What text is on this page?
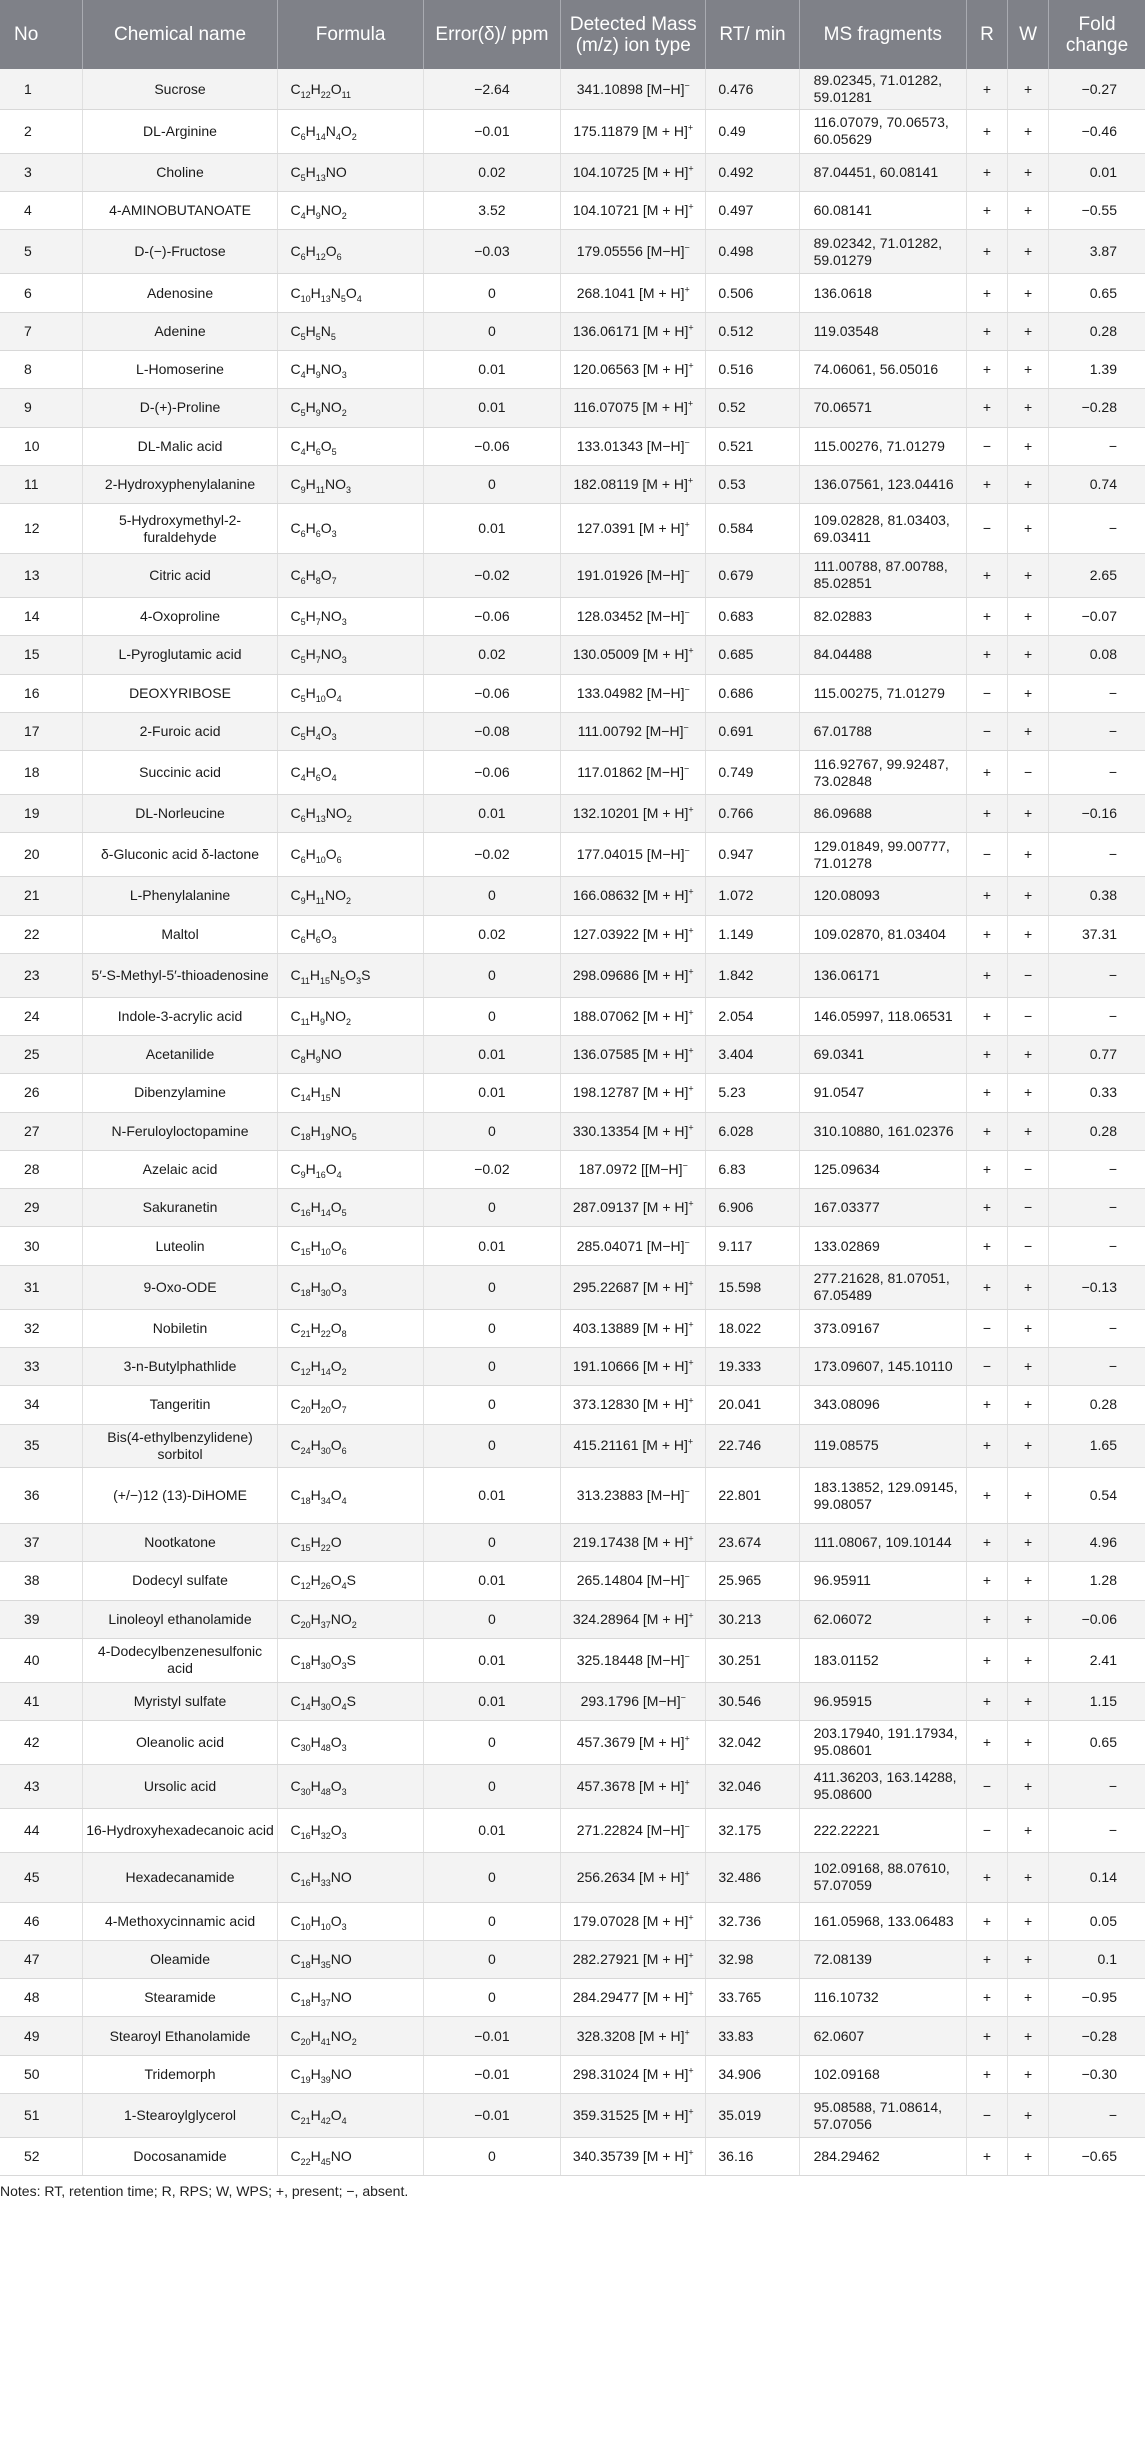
No	Chemical name	Formula	Error(δ)/ ppm	Detected Mass (m/z) ion type	RT/ min	MS fragments	R	W	Fold change
1	Sucrose	$C_{12}H_{22}O_{11}$	−2.64	341.10898 [M−H]−	0.476	89.02345, 71.01282, 59.01281	+	+	−0.27
2	DL-Arginine	$C_6H_{14}N_4O_2$	−0.01	175.11879 [M + H]+	0.49	116.07079, 70.06573, 60.05629	+	+	−0.46
3	Choline	$C_5H_{13}NO$	0.02	104.10725 [M + H]+	0.492	87.04451, 60.08141	+	+	0.01
4	4-AMINOBUTANOATE	$C_4H_9NO_2$	3.52	104.10721 [M + H]+	0.497	60.08141	+	+	−0.55
5	D-(−)-Fructose	$C_6H_{12}O_6$	−0.03	179.05556 [M−H]−	0.498	89.02342, 71.01282, 59.01279	+	+	3.87
6	Adenosine	$C_{10}H_{13}N_5O_4$	0	268.1041 [M + H]+	0.506	136.0618	+	+	0.65
7	Adenine	$C_5H_5N_5$	0	136.06171 [M + H]+	0.512	119.03548	+	+	0.28
8	L-Homoserine	$C_4H_9NO_3$	0.01	120.06563 [M + H]+	0.516	74.06061, 56.05016	+	+	1.39
9	D-(+)-Proline	$C_5H_9NO_2$	0.01	116.07075 [M + H]+	0.52	70.06571	+	+	−0.28
10	DL-Malic acid	$C_4H_6O_5$	−0.06	133.01343 [M−H]−	0.521	115.00276, 71.01279	−	+	−
11	2-Hydroxyphenylalanine	$C_9H_{11}NO_3$	0	182.08119 [M + H]+	0.53	136.07561, 123.04416	+	+	0.74
12	5-Hydroxymethyl-2-furaldehyde	$C_6H_6O_3$	0.01	127.0391 [M + H]+	0.584	109.02828, 81.03403, 69.03411	−	+	−
13	Citric acid	$C_6H_8O_7$	−0.02	191.01926 [M−H]−	0.679	111.00788, 87.00788, 85.02851	+	+	2.65
14	4-Oxoproline	$C_5H_7NO_3$	−0.06	128.03452 [M−H]−	0.683	82.02883	+	+	−0.07
15	L-Pyroglutamic acid	$C_5H_7NO_3$	0.02	130.05009 [M + H]+	0.685	84.04488	+	+	0.08
16	DEOXYRIBOSE	$C_5H_{10}O_4$	−0.06	133.04982 [M−H]−	0.686	115.00275, 71.01279	−	+	−
17	2-Furoic acid	$C_5H_4O_3$	−0.08	111.00792 [M−H]−	0.691	67.01788	−	+	−
18	Succinic acid	$C_4H_6O_4$	−0.06	117.01862 [M−H]−	0.749	116.92767, 99.92487, 73.02848	+	−	−
19	DL-Norleucine	$C_6H_{13}NO_2$	0.01	132.10201 [M + H]+	0.766	86.09688	+	+	−0.16
20	δ-Gluconic acid δ-lactone	$C_6H_{10}O_6$	−0.02	177.04015 [M−H]−	0.947	129.01849, 99.00777, 71.01278	−	+	−
21	L-Phenylalanine	$C_9H_{11}NO_2$	0	166.08632 [M + H]+	1.072	120.08093	+	+	0.38
22	Maltol	$C_6H_6O_3$	0.02	127.03922 [M + H]+	1.149	109.02870, 81.03404	+	+	37.31
23	5′-S-Methyl-5′-thioadenosine	$C_{11}H_{15}N_5O_3S$	0	298.09686 [M + H]+	1.842	136.06171	+	−	−
24	Indole-3-acrylic acid	$C_{11}H_9NO_2$	0	188.07062 [M + H]+	2.054	146.05997, 118.06531	+	−	−
25	Acetanilide	$C_8H_9NO$	0.01	136.07585 [M + H]+	3.404	69.0341	+	+	0.77
26	Dibenzylamine	$C_{14}H_{15}N$	0.01	198.12787 [M + H]+	5.23	91.0547	+	+	0.33
27	N-Feruloyloctopamine	$C_{18}H_{19}NO_5$	0	330.13354 [M + H]+	6.028	310.10880, 161.02376	+	+	0.28
28	Azelaic acid	$C_9H_{16}O_4$	−0.02	187.0972 [[M−H]−	6.83	125.09634	+	−	−
29	Sakuranetin	$C_{16}H_{14}O_5$	0	287.09137 [M + H]+	6.906	167.03377	+	−	−
30	Luteolin	$C_{15}H_{10}O_6$	0.01	285.04071 [M−H]−	9.117	133.02869	+	−	−
31	9-Oxo-ODE	$C_{18}H_{30}O_3$	0	295.22687 [M + H]+	15.598	277.21628, 81.07051, 67.05489	+	+	−0.13
32	Nobiletin	$C_{21}H_{22}O_8$	0	403.13889 [M + H]+	18.022	373.09167	−	+	−
33	3-n-Butylphathlide	$C_{12}H_{14}O_2$	0	191.10666 [M + H]+	19.333	173.09607, 145.10110	−	+	−
34	Tangeritin	$C_{20}H_{20}O_7$	0	373.12830 [M + H]+	20.041	343.08096	+	+	0.28
35	Bis(4-ethylbenzylidene) sorbitol	$C_{24}H_{30}O_6$	0	415.21161 [M + H]+	22.746	119.08575	+	+	1.65
36	(+/−)12 (13)-DiHOME	$C_{18}H_{34}O_4$	0.01	313.23883 [M−H]−	22.801	183.13852, 129.09145, 99.08057	+	+	0.54
37	Nootkatone	$C_{15}H_{22}O$	0	219.17438 [M + H]+	23.674	111.08067, 109.10144	+	+	4.96
38	Dodecyl sulfate	$C_{12}H_{26}O_4S$	0.01	265.14804 [M−H]−	25.965	96.95911	+	+	1.28
39	Linoleoyl ethanolamide	$C_{20}H_{37}NO_2$	0	324.28964 [M + H]+	30.213	62.06072	+	+	−0.06
40	4-Dodecylbenzenesulfonic acid	$C_{18}H_{30}O_3S$	0.01	325.18448 [M−H]−	30.251	183.01152	+	+	2.41
41	Myristyl sulfate	$C_{14}H_{30}O_4S$	0.01	293.1796 [M−H]−	30.546	96.95915	+	+	1.15
42	Oleanolic acid	$C_{30}H_{48}O_3$	0	457.3679 [M + H]+	32.042	203.17940, 191.17934, 95.08601	+	+	0.65
43	Ursolic acid	$C_{30}H_{48}O_3$	0	457.3678 [M + H]+	32.046	411.36203, 163.14288, 95.08600	−	+	−
44	16-Hydroxyhexadecanoic acid	$C_{16}H_{32}O_3$	0.01	271.22824 [M−H]−	32.175	222.22221	−	+	−
45	Hexadecanamide	$C_{16}H_{33}NO$	0	256.2634 [M + H]+	32.486	102.09168, 88.07610, 57.07059	+	+	0.14
46	4-Methoxycinnamic acid	$C_{10}H_{10}O_3$	0	179.07028 [M + H]+	32.736	161.05968, 133.06483	+	+	0.05
47	Oleamide	$C_{18}H_{35}NO$	0	282.27921 [M + H]+	32.98	72.08139	+	+	0.1
48	Stearamide	$C_{18}H_{37}NO$	0	284.29477 [M + H]+	33.765	116.10732	+	+	−0.95
49	Stearoyl Ethanolamide	$C_{20}H_{41}NO_2$	−0.01	328.3208 [M + H]+	33.83	62.0607	+	+	−0.28
50	Tridemorph	$C_{19}H_{39}NO$	−0.01	298.31024 [M + H]+	34.906	102.09168	+	+	−0.30
51	1-Stearoylglycerol	$C_{21}H_{42}O_4$	−0.01	359.31525 [M + H]+	35.019	95.08588, 71.08614, 57.07056	−	+	−
52	Docosanamide	$C_{22}H_{45}NO$	0	340.35739 [M + H]+	36.16	284.29462	+	+	−0.65
Notes: RT, retention time; R, RPS; W, WPS; +, present; −, absent.
